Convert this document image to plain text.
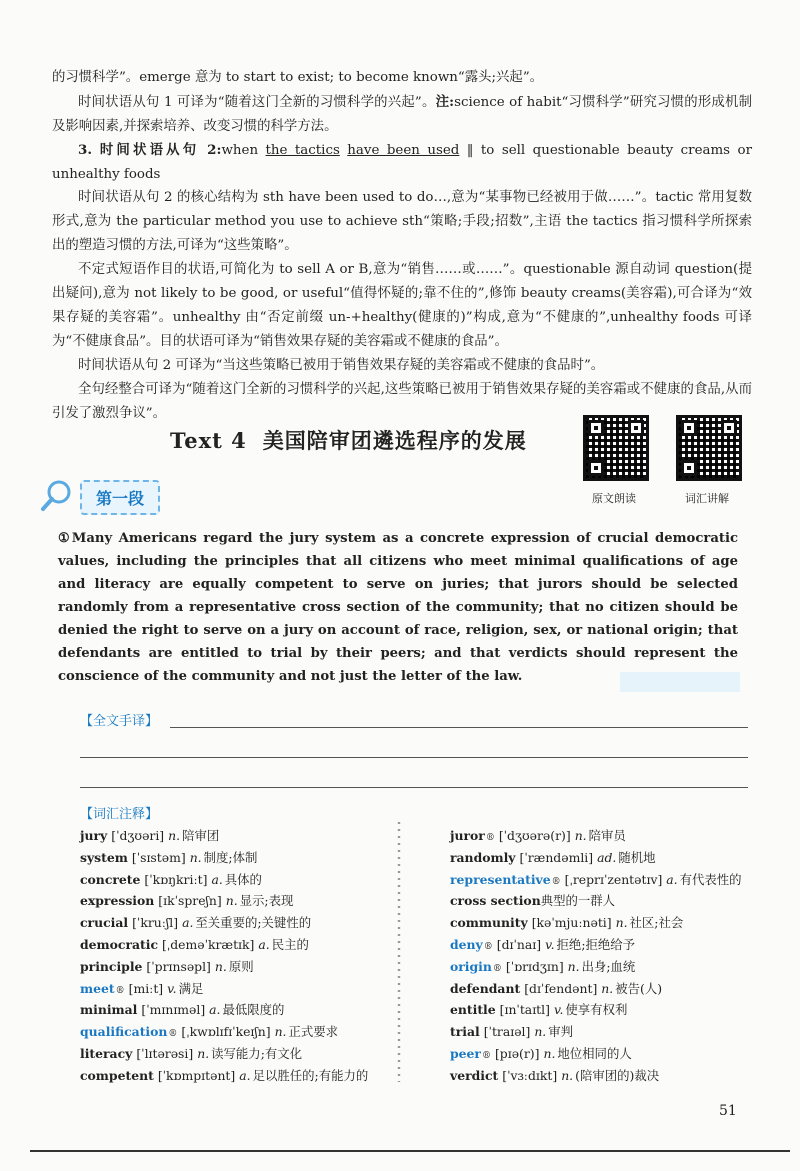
的习惯科学”。emerge 意为 to start to exist; to become known“露头;兴起”。

时间状语从句 1 可译为“随着这门全新的习惯科学的兴起”。注:science of habit“习惯科学”研究习惯的形成机制及影响因素,并探索培养、改变习惯的科学方法。

3. 时间状语从句 2:when the tactics have been used ‖ to sell questionable beauty creams or unhealthy foods

时间状语从句 2 的核心结构为 sth have been used to do…,意为“某事物已经被用于做……”。tactic 常用复数形式,意为 the particular method you use to achieve sth“策略;手段;招数”,主语 the tactics 指习惯科学所探索出的塑造习惯的方法,可译为“这些策略”。

不定式短语作目的状语,可简化为 to sell A or B,意为“销售……或……”。questionable 源自动词 question(提出疑问),意为 not likely to be good, or useful“值得怀疑的;靠不住的”,修饰 beauty creams(美容霜),可合译为“效果存疑的美容霜”。unhealthy 由“否定前缀 un-+healthy(健康的)”构成,意为“不健康的”,unhealthy foods 可译为“不健康食品”。目的状语可译为“销售效果存疑的美容霜或不健康的食品”。

时间状语从句 2 可译为“当这些策略已被用于销售效果存疑的美容霜或不健康的食品时”。

全句经整合可译为“随着这门全新的习惯科学的兴起,这些策略已被用于销售效果存疑的美容霜或不健康的食品,从而引发了激烈争议”。

Text 4 美国陪审团遴选程序的发展
原文朗读	词汇讲解
第一段

①Many Americans regard the jury system as a concrete expression of crucial democratic values, including the principles that all citizens who meet minimal qualifications of age and literacy are equally competent to serve on juries; that jurors should be selected randomly from a representative cross section of the community; that no citizen should be denied the right to serve on a jury on account of race, religion, sex, or national origin; that defendants are entitled to trial by their peers; and that verdicts should represent the conscience of the community and not just the letter of the law.

【全文手译】
【词汇注释】
jury [ˈdʒʊəri] n. 陪审团
system [ˈsɪstəm] n. 制度;体制
concrete [ˈkɒŋkriːt] a. 具体的
expression [ɪkˈspreʃn] n. 显示;表现
crucial [ˈkruːʃl] a. 至关重要的;关键性的
democratic [ˌdeməˈkrætɪk] a. 民主的
principle [ˈprɪnsəpl] n. 原则
meet ® [miːt] v. 满足
minimal [ˈmɪnɪməl] a. 最低限度的
qualification ® [ˌkwɒlɪfɪˈkeɪʃn] n. 正式要求
literacy [ˈlɪtərəsi] n. 读写能力;有文化
competent [ˈkɒmpɪtənt] a. 足以胜任的;有能力的
juror ® [ˈdʒʊərə(r)] n. 陪审员
randomly [ˈrændəmli] ad. 随机地
representative ® [ˌreprɪˈzentətɪv] a. 有代表性的
cross section 典型的一群人
community [kəˈmjuːnəti] n. 社区;社会
deny ® [dɪˈnaɪ] v. 拒绝;拒绝给予
origin ® [ˈɒrɪdʒɪn] n. 出身;血统
defendant [dɪˈfendənt] n. 被告(人)
entitle [ɪnˈtaɪtl] v. 使享有权利
trial [ˈtraɪəl] n. 审判
peer ® [pɪə(r)] n. 地位相同的人
verdict [ˈvɜːdɪkt] n. (陪审团的)裁决
51
